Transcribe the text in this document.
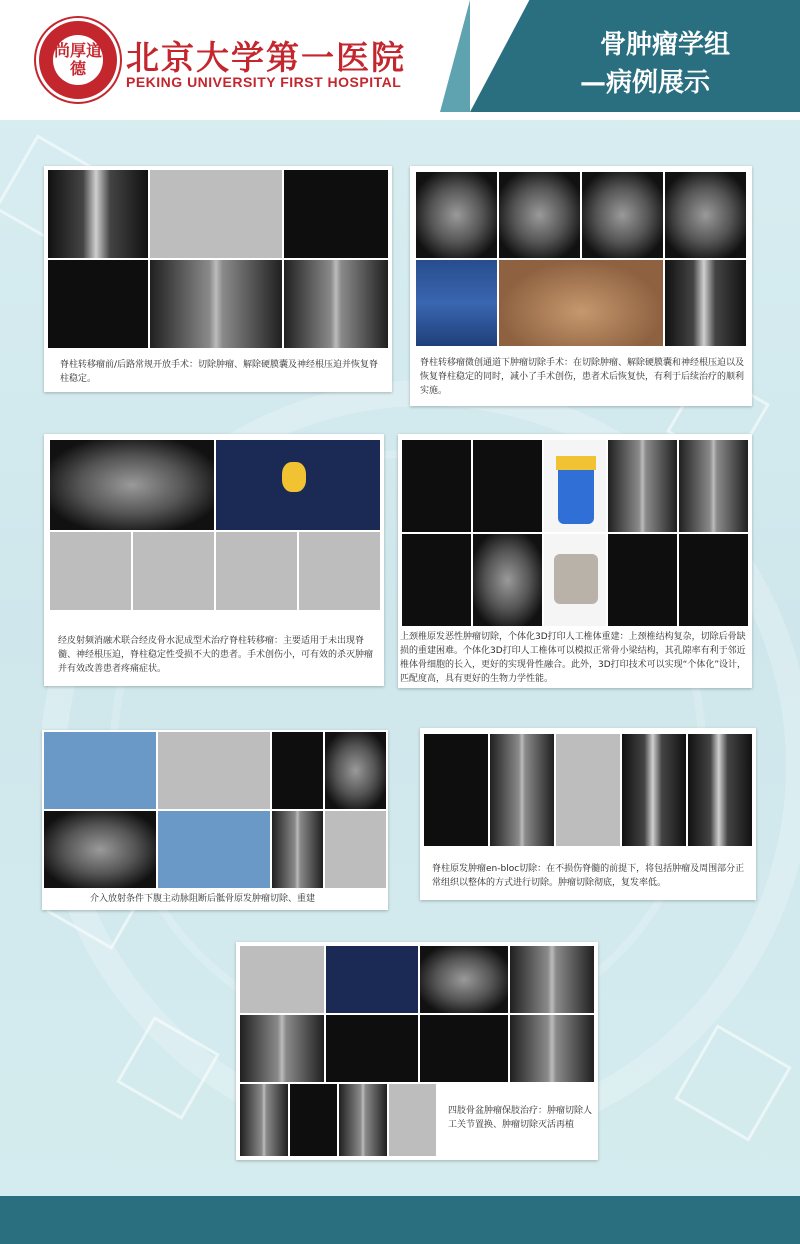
尚厚道德	北京大学第一医院
PEKING UNIVERSITY FIRST HOSPITAL
骨肿瘤学组
—病例展示
脊柱转移瘤前/后路常规开放手术：切除肿瘤、解除硬膜囊及神经根压迫并恢复脊柱稳定。
脊柱转移瘤微创通道下肿瘤切除手术：在切除肿瘤、解除硬膜囊和神经根压迫以及恢复脊柱稳定的同时，减小了手术创伤，患者术后恢复快，有利于后续治疗的顺利实施。
经皮射频消融术联合经皮骨水泥成型术治疗脊柱转移瘤：主要适用于未出现脊髓、神经根压迫，脊柱稳定性受损不大的患者。手术创伤小，可有效的杀灭肿瘤并有效改善患者疼痛症状。
上颈椎原发恶性肿瘤切除，个体化3D打印人工椎体重建：上颈椎结构复杂，切除后骨缺损的重建困难。个体化3D打印人工椎体可以模拟正常骨小梁结构，其孔隙率有利于邻近椎体骨细胞的长入，更好的实现骨性融合。此外，3D打印技术可以实现“个体化”设计，匹配度高，具有更好的生物力学性能。
介入放射条件下腹主动脉阻断后骶骨原发肿瘤切除、重建
脊柱原发肿瘤en-bloc切除：在不损伤脊髓的前提下，将包括肿瘤及周围部分正常组织以整体的方式进行切除。肿瘤切除彻底，复发率低。
四肢骨盆肿瘤保肢治疗：肿瘤切除人工关节置换、肿瘤切除灭活再植
